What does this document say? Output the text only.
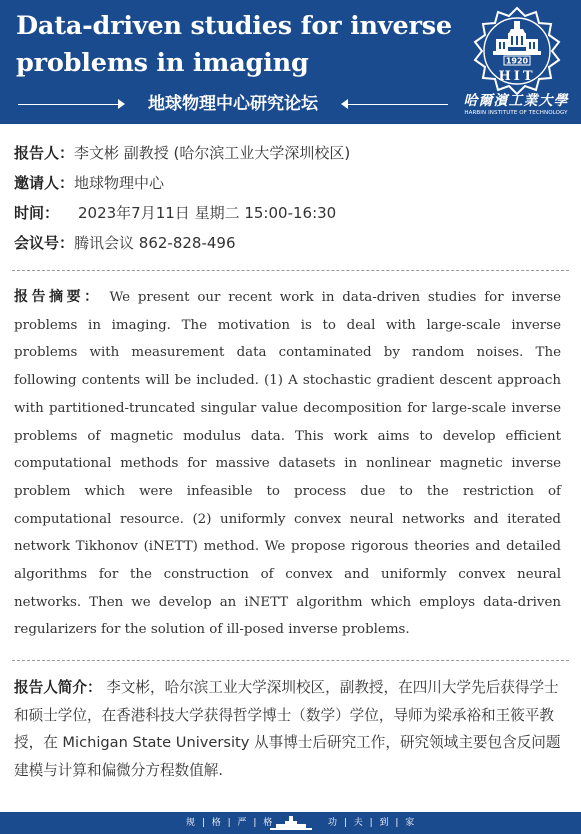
Data-driven studies for inverse problems in imaging
地球物理中心研究论坛
1920
HIT
哈爾濱工業大學
HARBIN INSTITUTE OF TECHNOLOGY
报告人：李文彬 副教授 (哈尔滨工业大学深圳校区)
邀请人：地球物理中心
时间： 2023年7月11日 星期二 15:00-16:30
会议号：腾讯会议 862-828-496

报告摘要： We present our recent work in data-driven studies for inverse problems in imaging. The motivation is to deal with large-scale inverse problems with measurement data contaminated by random noises. The following contents will be included. (1) A stochastic gradient descent approach with partitioned-truncated singular value decomposition for large-scale inverse problems of magnetic modulus data. This work aims to develop efficient computational methods for massive datasets in nonlinear magnetic inverse problem which were infeasible to process due to the restriction of computational resource. (2) uniformly convex neural networks and iterated network Tikhonov (iNETT) method. We propose rigorous theories and detailed algorithms for the construction of convex and uniformly convex neural networks. Then we develop an iNETT algorithm which employs data-driven regularizers for the solution of ill-posed inverse problems.

报告人简介： 李文彬，哈尔滨工业大学深圳校区，副教授，在四川大学先后获得学士和硕士学位，在香港科技大学获得哲学博士（数学）学位，导师为梁承裕和王筱平教授，在 Michigan State University 从事博士后研究工作，研究领域主要包含反问题建模与计算和偏微分方程数值解.

规 | 格 | 严 | 格	功 | 夫 | 到 | 家
